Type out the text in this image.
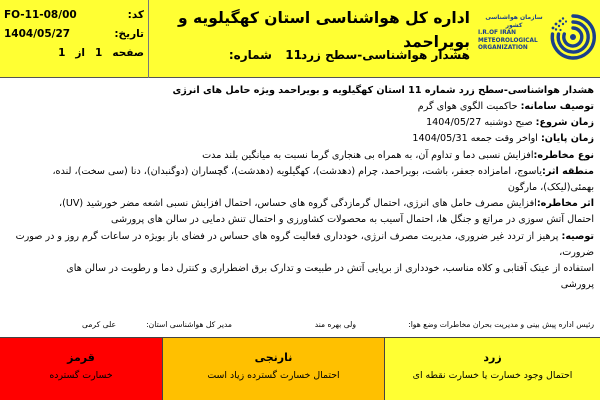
کد:
FO-11-08/00
تاریخ:
1404/05/27
صفحه
1
از
1
اداره کل هواشناسی استان کهگیلویه و بویراحمد
هشدار هواشناسی-سطح زرد
شماره: 11
سازمان هواشناسی کشور
I.R.OF IRAN
METEOROLOGICAL
ORGANIZATION
هشدار هواشناسی-سطح زرد شماره 11 استان کهگیلویه و بویراحمد ویژه حامل های انرژی
توصیف سامانه: حاکمیت الگوی هوای گرم
زمان شروع: صبح دوشنبه 1404/05/27
زمان پایان: اواخر وقت جمعه 1404/05/31
نوع مخاطره:افزایش نسبی دما و تداوم آن، به همراه بی هنجاری گرما نسبت به میانگین بلند مدت
منطقه اثر:یاسوج، امامزاده جعفر، باشت، بویراحمد، چرام (دهدشت)، کهگیلویه (دهدشت)، گچساران (دوگنبدان)، دنا (سی سخت)، لنده،
بهمئی(لیکک)، مارگون
اثر مخاطره:افزایش مصرف حامل های انرژی، احتمال گرمازدگی گروه های حساس، احتمال افزایش نسبی اشعه مضر خورشید (UV)،
احتمال آتش سوزی در مراتع و جنگل ها، احتمال آسیب به محصولات کشاورزی و احتمال تنش دمایی در سالن های پرورشی
توصیه: پرهیز از تردد غیر ضروری، مدیریت مصرف انرژی، خودداری فعالیت گروه های حساس در فضای باز بویژه در ساعات گرم روز و در صورت ضرورت،
استفاده از عینک آفتابی و کلاه مناسب، خودداری از برپایی آتش در طبیعت و تدارک برق اضطراری و کنترل دما و رطوبت در سالن های
پرورشی
رئیس اداره پیش بینی و مدیریت بحران مخاطرات وضع هوا:
ولی بهره مند
مدیر کل هواشناسی استان:
علی کرمی
زرد
احتمال وجود خسارت یا خسارت نقطه ای
نارنجی
احتمال خسارت گسترده زیاد است
قرمز
خسارت گسترده
